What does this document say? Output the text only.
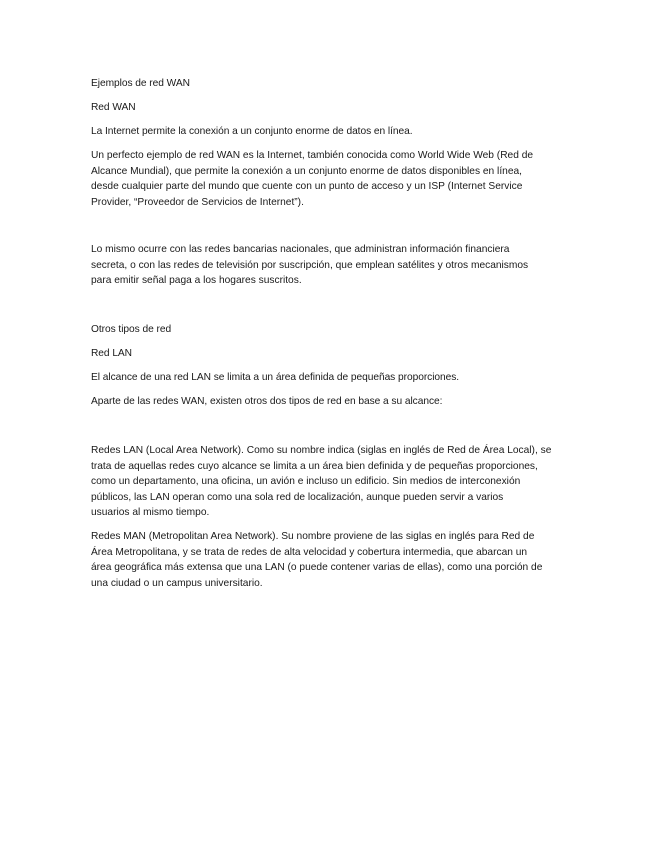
Ejemplos de red WAN
Red WAN
La Internet permite la conexión a un conjunto enorme de datos en línea.
Un perfecto ejemplo de red WAN es la Internet, también conocida como World Wide Web (Red de
Alcance Mundial), que permite la conexión a un conjunto enorme de datos disponibles en línea,
desde cualquier parte del mundo que cuente con un punto de acceso y un ISP (Internet Service
Provider, “Proveedor de Servicios de Internet”).
Lo mismo ocurre con las redes bancarias nacionales, que administran información financiera
secreta, o con las redes de televisión por suscripción, que emplean satélites y otros mecanismos
para emitir señal paga a los hogares suscritos.
Otros tipos de red
Red LAN
El alcance de una red LAN se limita a un área definida de pequeñas proporciones.
Aparte de las redes WAN, existen otros dos tipos de red en base a su alcance:
Redes LAN (Local Area Network). Como su nombre indica (siglas en inglés de Red de Área Local), se
trata de aquellas redes cuyo alcance se limita a un área bien definida y de pequeñas proporciones,
como un departamento, una oficina, un avión e incluso un edificio. Sin medios de interconexión
públicos, las LAN operan como una sola red de localización, aunque pueden servir a varios
usuarios al mismo tiempo.
Redes MAN (Metropolitan Area Network). Su nombre proviene de las siglas en inglés para Red de
Área Metropolitana, y se trata de redes de alta velocidad y cobertura intermedia, que abarcan un
área geográfica más extensa que una LAN (o puede contener varias de ellas), como una porción de
una ciudad o un campus universitario.
